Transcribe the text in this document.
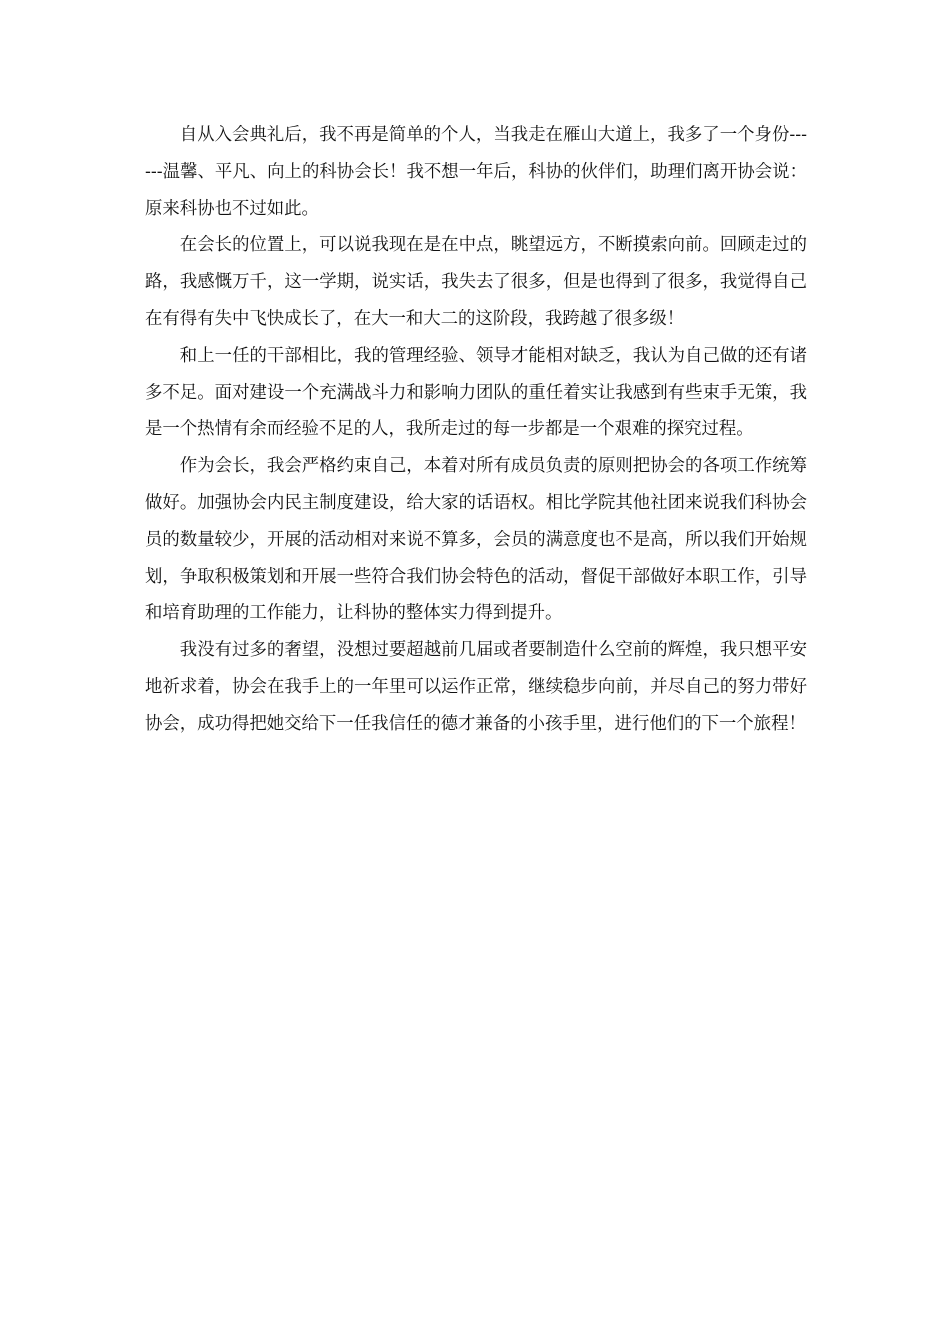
自从入会典礼后，我不再是简单的个人，当我走在雁山大道上，我多了一个身份------温馨、平凡、向上的科协会长！我不想一年后，科协的伙伴们，助理们离开协会说：原来科协也不过如此。

在会长的位置上，可以说我现在是在中点，眺望远方，不断摸索向前。回顾走过的路，我感慨万千，这一学期，说实话，我失去了很多，但是也得到了很多，我觉得自己在有得有失中飞快成长了，在大一和大二的这阶段，我跨越了很多级！

和上一任的干部相比，我的管理经验、领导才能相对缺乏，我认为自己做的还有诸多不足。面对建设一个充满战斗力和影响力团队的重任着实让我感到有些束手无策，我是一个热情有余而经验不足的人，我所走过的每一步都是一个艰难的探究过程。

作为会长，我会严格约束自己，本着对所有成员负责的原则把协会的各项工作统筹做好。加强协会内民主制度建设，给大家的话语权。相比学院其他社团来说我们科协会员的数量较少，开展的活动相对来说不算多，会员的满意度也不是高，所以我们开始规划，争取积极策划和开展一些符合我们协会特色的活动，督促干部做好本职工作，引导和培育助理的工作能力，让科协的整体实力得到提升。

我没有过多的奢望，没想过要超越前几届或者要制造什么空前的辉煌，我只想平安地祈求着，协会在我手上的一年里可以运作正常，继续稳步向前，并尽自己的努力带好协会，成功得把她交给下一任我信任的德才兼备的小孩手里，进行他们的下一个旅程！
